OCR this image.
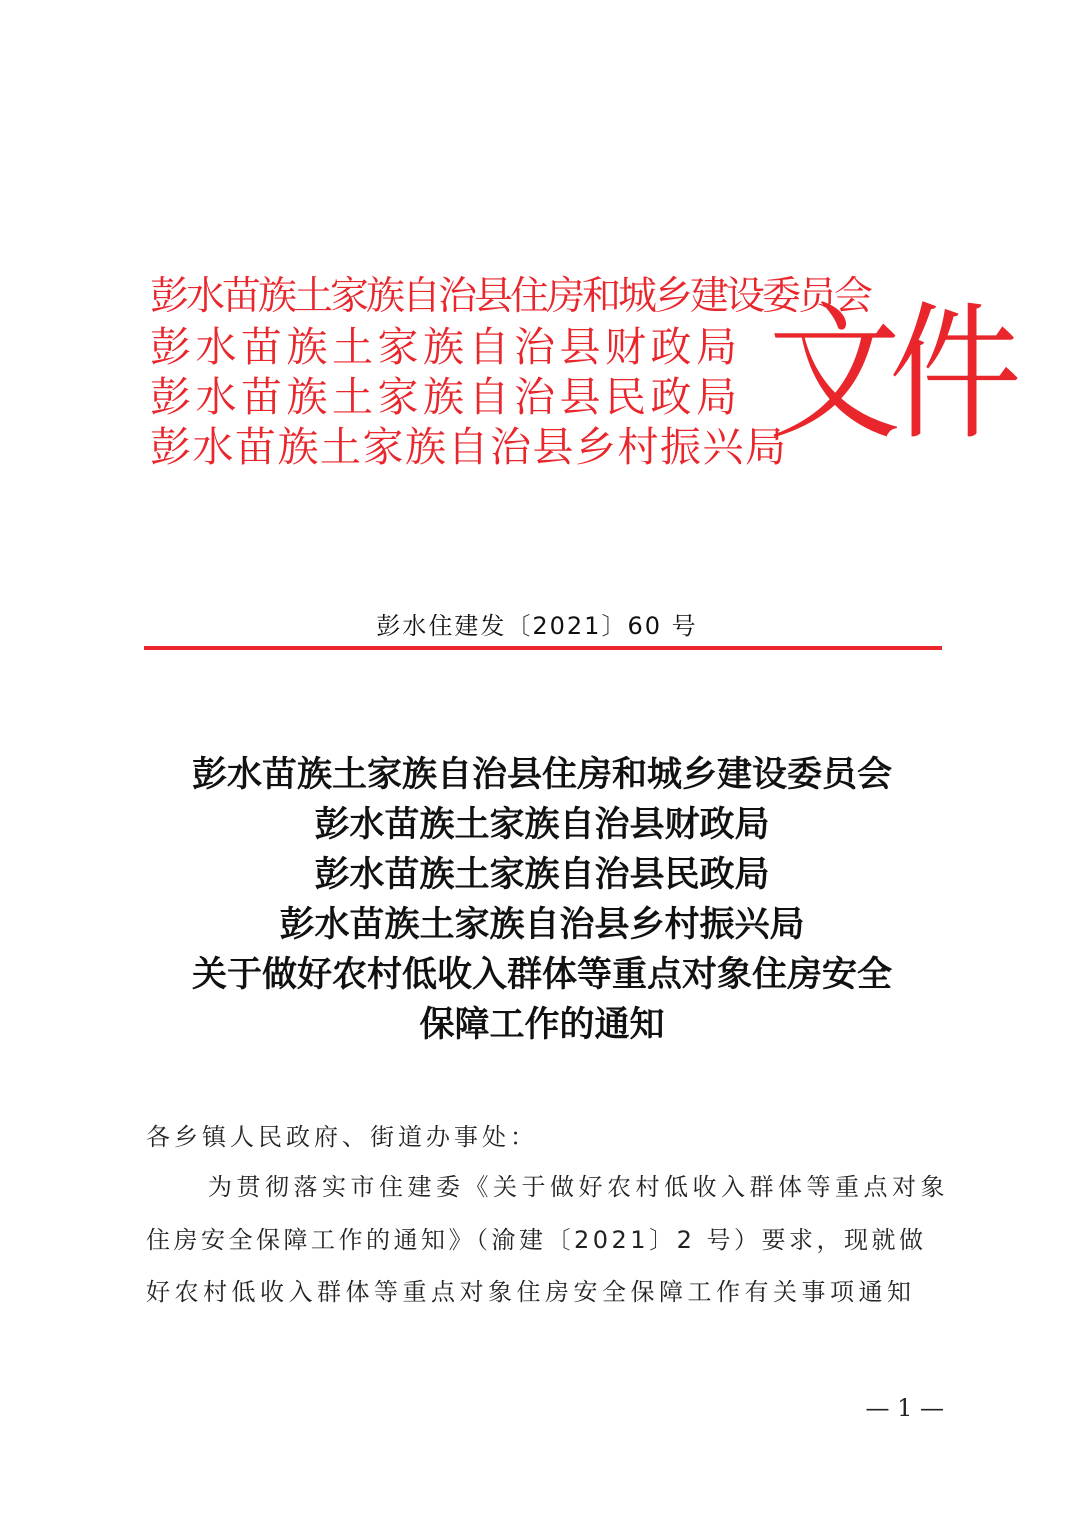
彭水苗族土家族自治县住房和城乡建设委员会
彭水苗族土家族自治县财政局
彭水苗族土家族自治县民政局
彭水苗族土家族自治县乡村振兴局
文件
彭水住建发〔2021〕60 号
彭水苗族土家族自治县住房和城乡建设委员会
彭水苗族土家族自治县财政局
彭水苗族土家族自治县民政局
彭水苗族土家族自治县乡村振兴局
关于做好农村低收入群体等重点对象住房安全
保障工作的通知
各乡镇人民政府、街道办事处：
为贯彻落实市住建委《关于做好农村低收入群体等重点对象
住房安全保障工作的通知》（渝建〔2021〕2 号）要求，现就做
好农村低收入群体等重点对象住房安全保障工作有关事项通知
— 1 —
